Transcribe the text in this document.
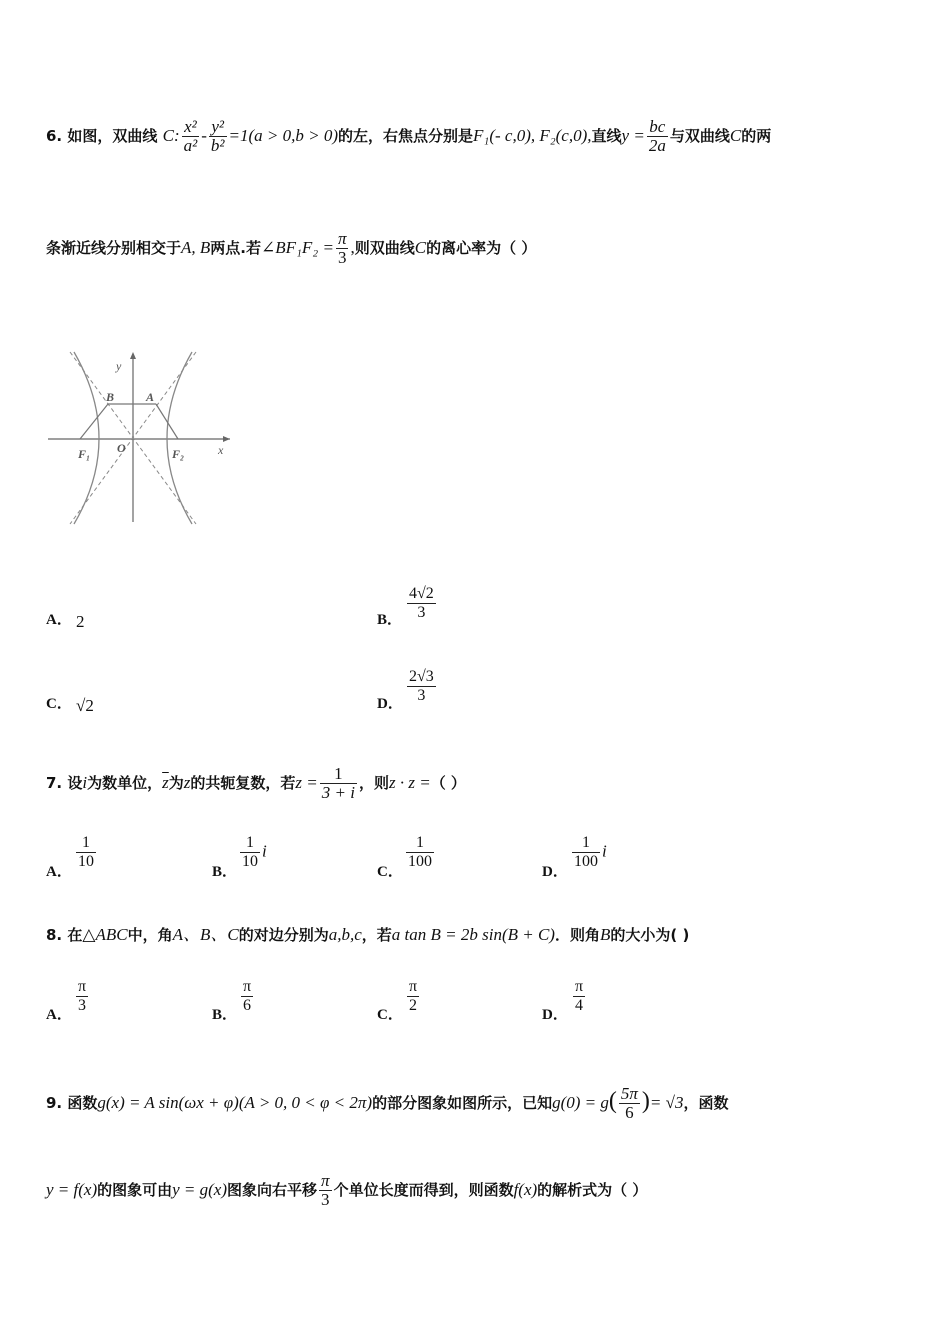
6. 如图，双曲线 C: $\frac{\text{x²}}{\text{a²}} - \frac{\text{y²}}{\text{b²}} =1(a > 0,b > 0)$的左，右焦点分别是F₁(- c,0), F₂(c,0),直线$y = \frac{bc}{2a}$ 与双曲线C的两
条渐近线分别相交于A, B两点.若∠BF₁F₂ = $\frac{\pi}{3}$ ,则双曲线C的离心率为（ ）
y
x
B	A
O
F₁	F₂
A． 2	B． $\frac{4√2}{3}$
C． √2	D． $\frac{2√3}{3}$
7. 设i为数单位，$\overline{z}$为z的共轭复数，若$z = \frac{1}{3 + i}$ ，则z · z =（ ）
A．
$\frac{1}{10}$
B．
$\frac{1}{10}$ i
C．
$\frac{1}{100}$
D．
$\frac{1}{100}$ i
8. 在△ABC中，角A、B、C的对边分别为a,b,c，若a tan B = 2b sin(B + C)．则角B的大小为( )
A． $\frac{\pi}{3}$	B． $\frac{\pi}{6}$	C． $\frac{\pi}{2}$	D． $\frac{\pi}{4}$
9. 函数g(x) = A sin(ωx + φ)(A > 0, 0 < φ < 2π)的部分图象如图所示，已知$g(0) = g( \frac{5\pi}{6}$ )= √3，函数
y = f(x)的图象可由y = g(x)图象向右平移 $\frac{\pi}{3}$ 个单位长度而得到，则函数f(x)的解析式为（ ）
